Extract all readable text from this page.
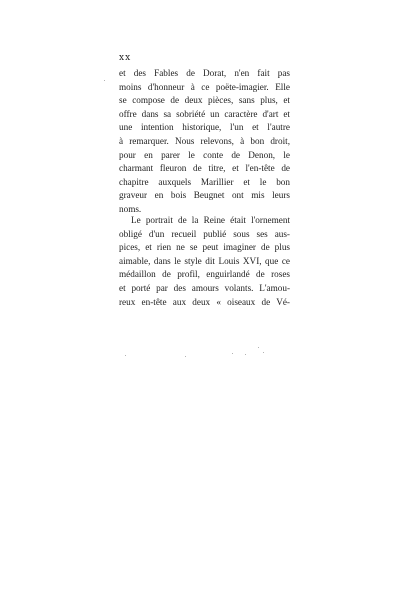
xx
et des Fables de Dorat, n'en fait pas
moins d'honneur à ce poëte-imagier. Elle
se compose de deux pièces, sans plus, et
offre dans sa sobriété un caractère d'art et
une intention historique, l'un et l'autre
à remarquer. Nous relevons, à bon droit,
pour en parer le conte de Denon, le
charmant fleuron de titre, et l'en-tête de
chapitre auxquels Marillier et le bon
graveur en bois Beugnet ont mis leurs
noms.
Le portrait de la Reine était l'ornement
obligé d'un recueil publié sous ses aus-
pices, et rien ne se peut imaginer de plus
aimable, dans le style dit Louis XVI, que ce
médaillon de profil, enguirlandé de roses
et porté par des amours volants. L'amou-
reux en-tête aux deux « oiseaux de Vé-
